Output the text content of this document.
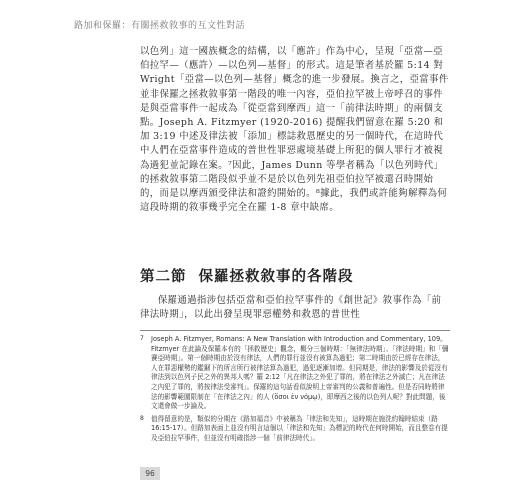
路加和保羅：有關拯救敘事的互文性對話

以色列」這一國族概念的結構，以「應許」作為中心，呈現「亞當—亞伯拉罕—（應許）—以色列—基督」的形式。這是筆者基於羅 5:14 對 Wright「亞當—以色列—基督」概念的進一步發展。換言之，亞當事件並非保羅之拯救敘事第一階段的唯一內容，亞伯拉罕被上帝呼召的事件是與亞當事件一起成為「從亞當到摩西」這一「前律法時期」的兩個支點。Joseph A. Fitzmyer (1920-2016) 提醒我們留意在羅 5:20 和加 3:19 中述及律法被「添加」標誌救恩歷史的另一個時代，在這時代中人們在亞當事件造成的普世性罪惡處境基礎上所犯的個人罪行才被視為過犯並記錄在案。⁷因此，James Dunn 等學者稱為「以色列時代」的拯救敘事第二階段似乎並不是於以色列先祖亞伯拉罕被還召時開始的，而是以摩西頒受律法和證約開始的。⁸據此，我們或許能夠解釋為何這段時期的敘事幾乎完全在羅 1-8 章中缺席。

第二節 保羅拯救敘事的各階段

保羅通過指涉包括亞當和亞伯拉罕事件的《創世記》敘事作為「前律法時期」，以此出發呈現罪惡權勢和救恩的普世性

7 Joseph A. Fitzmyer, Romans: A New Translation with Introduction and Commentary, 109。Fitzmyer 在此論及保羅本有的「拯救歷史」觀念，概分三個時期：「無律法時期」、「律法時期」和「彌賽亞時期」。第一個時期由於沒有律法，人們的罪行並沒有被算為過犯；第二時期由於已經存在律法，人在罪惡權勢的鑑錮下的所言所行被律法算為過犯，過犯逐漸加增。但同期是，律法的影響及於從沒有律法到以色列子民之外的異邦人嗎？羅 2:12「凡在律法之外犯了罪的，將在律法之外滅亡；凡在律法之內犯了罪的，將按律法受審判」。保羅的這句話看似說明上帝審判的公義和普遍性。但是否同時將律法的影響範圍限制在「在律法之內」的人 (ὅσοι ἐν νόμῳ)，即摩西之後的以色列人呢？對此問題，後文還會做一步論及。

8 值得留意的是，類似的分期在《路加福音》中被稱為「律法和先知」，這時期在施洗約翰時結束（路 16:15-17）。但路加表面上並沒有明言這個以「律法和先知」為標記的時代在何時開始，而且整卷有提及亞伯拉罕事件，但並沒有明確指涉一個「前律法時代」。

96
